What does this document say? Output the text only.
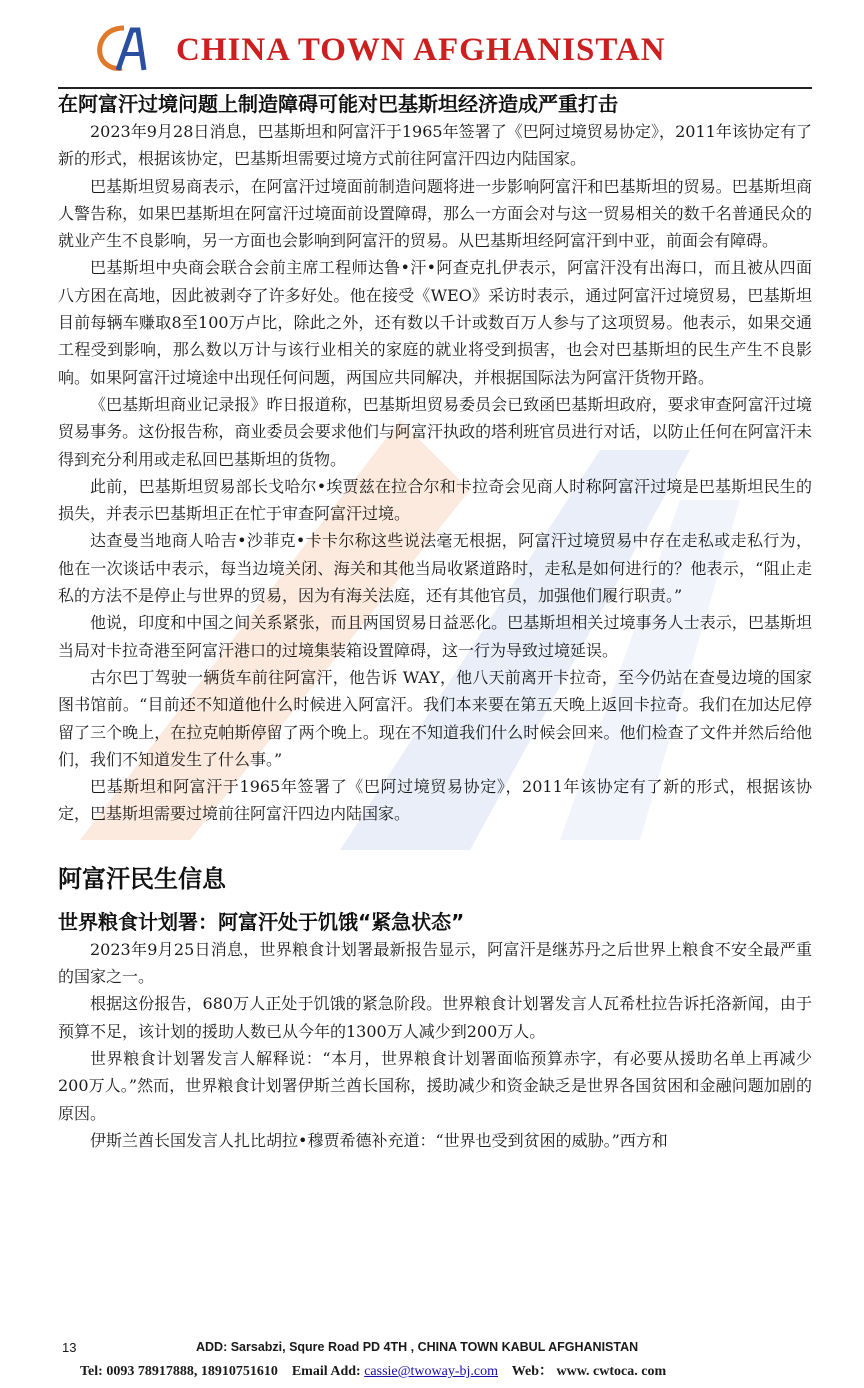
CHINA TOWN AFGHANISTAN
在阿富汗过境问题上制造障碍可能对巴基斯坦经济造成严重打击

2023年9月28日消息，巴基斯坦和阿富汗于1965年签署了《巴阿过境贸易协定》，2011年该协定有了新的形式，根据该协定，巴基斯坦需要过境方式前往阿富汗四边内陆国家。

巴基斯坦贸易商表示，在阿富汗过境面前制造问题将进一步影响阿富汗和巴基斯坦的贸易。巴基斯坦商人警告称，如果巴基斯坦在阿富汗过境面前设置障碍，那么一方面会对与这一贸易相关的数千名普通民众的就业产生不良影响，另一方面也会影响到阿富汗的贸易。从巴基斯坦经阿富汗到中亚，前面会有障碍。

巴基斯坦中央商会联合会前主席工程师达鲁•汗•阿查克扎伊表示，阿富汗没有出海口，而且被从四面八方困在高地，因此被剥夺了许多好处。他在接受《WEO》采访时表示，通过阿富汗过境贸易，巴基斯坦目前每辆车赚取8至100万卢比，除此之外，还有数以千计或数百万人参与了这项贸易。他表示，如果交通工程受到影响，那么数以万计与该行业相关的家庭的就业将受到损害，也会对巴基斯坦的民生产生不良影响。如果阿富汗过境途中出现任何问题，两国应共同解决，并根据国际法为阿富汗货物开路。

《巴基斯坦商业记录报》昨日报道称，巴基斯坦贸易委员会已致函巴基斯坦政府，要求审查阿富汗过境贸易事务。这份报告称，商业委员会要求他们与阿富汗执政的塔利班官员进行对话，以防止任何在阿富汗未得到充分利用或走私回巴基斯坦的货物。

此前，巴基斯坦贸易部长戈哈尔•埃贾兹在拉合尔和卡拉奇会见商人时称阿富汗过境是巴基斯坦民生的损失，并表示巴基斯坦正在忙于审查阿富汗过境。

达查曼当地商人哈吉•沙菲克•卡卡尔称这些说法毫无根据，阿富汗过境贸易中存在走私或走私行为，他在一次谈话中表示，每当边境关闭、海关和其他当局收紧道路时，走私是如何进行的？他表示，“阻止走私的方法不是停止与世界的贸易，因为有海关法庭，还有其他官员，加强他们履行职责。”

他说，印度和中国之间关系紧张，而且两国贸易日益恶化。巴基斯坦相关过境事务人士表示，巴基斯坦当局对卡拉奇港至阿富汗港口的过境集装箱设置障碍，这一行为导致过境延误。

古尔巴丁驾驶一辆货车前往阿富汗，他告诉 WAY，他八天前离开卡拉奇，至今仍站在查曼边境的国家图书馆前。“目前还不知道他什么时候进入阿富汗。我们本来要在第五天晚上返回卡拉奇。我们在加达尼停留了三个晚上，在拉克帕斯停留了两个晚上。现在不知道我们什么时候会回来。他们检查了文件并然后给他们，我们不知道发生了什么事。”

巴基斯坦和阿富汗于1965年签署了《巴阿过境贸易协定》，2011年该协定有了新的形式，根据该协定，巴基斯坦需要过境前往阿富汗四边内陆国家。

阿富汗民生信息
世界粮食计划署：阿富汗处于饥饿“紧急状态”

2023年9月25日消息，世界粮食计划署最新报告显示，阿富汗是继苏丹之后世界上粮食不安全最严重的国家之一。

根据这份报告，680万人正处于饥饿的紧急阶段。世界粮食计划署发言人瓦希杜拉告诉托洛新闻，由于预算不足，该计划的援助人数已从今年的1300万人减少到200万人。

世界粮食计划署发言人解释说：“本月，世界粮食计划署面临预算赤字，有必要从援助名单上再减少200万人。”然而，世界粮食计划署伊斯兰酋长国称，援助减少和资金缺乏是世界各国贫困和金融问题加剧的原因。

伊斯兰酋长国发言人扎比胡拉•穆贾希德补充道：“世界也受到贫困的威胁。”西方和

13	ADD: Sarsabzi, Squre Road PD 4TH , CHINA TOWN KABUL AFGHANISTAN
Tel: 0093 78917888, 18910751610 Email Add: cassie@twoway-bj.com Web： www. cwtoca. com
